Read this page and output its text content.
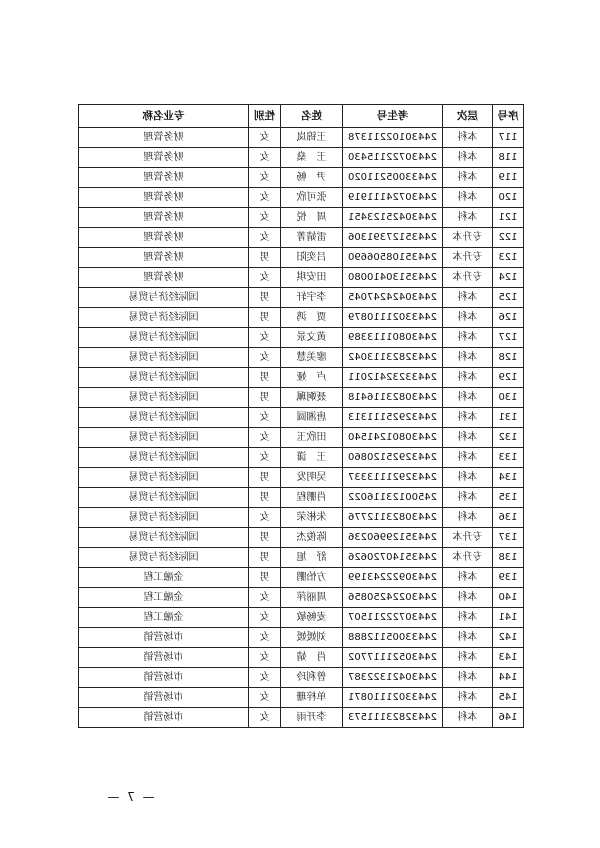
序号	层次	考生号	姓名	性别	专业名称
117	本科	24430102211378	王锦岚	女	财务管理
118	本科	24430722115430	王　燊	女	财务管理
119	本科	24433005211020	尹　畅	女	财务管理
120	本科	24430724111919	张可欣	女	财务管理
121	本科	24430425123451	周　悦	女	财务管理
122	专升本	24435127391306	雷婧菁	女	财务管理
123	专升本	24435108506690	吕奕阳	男	财务管理
124	专升本	24435130410080	田安琪	女	财务管理
125	本科	24430424247045	李宇轩	男	国际经济与贸易
126	本科	24433021110879	贾　鸿	男	国际经济与贸易
127	本科	24430801113389	黄文景	女	国际经济与贸易
128	本科	24432823113042	廖美慧	女	国际经济与贸易
129	本科	24433232412011	卢　娅	男	国际经济与贸易
130	本科	24430823116418	聂婀珮	男	国际经济与贸易
131	本科	24432925111313	唐湘圆	女	国际经济与贸易
132	本科	24430801241540	田欣玉	女	国际经济与贸易
133	本科	24432925120860	王　潇	女	国际经济与贸易
134	本科	24432921113337	吴明发	男	国际经济与贸易
135	本科	24500123116022	肖鹏程	男	国际经济与贸易
136	本科	24430823112776	朱彬荣	女	国际经济与贸易
137	专升本	24435129960236	陈俊杰	男	国际经济与贸易
138	专升本	24435140720626	舒　旭	男	国际经济与贸易
139	本科	24430922243199	方怡鹏	男	金融工程
140	本科	24430224250856	周丽萍	女	金融工程
141	本科	24430722211507	麦畅敏	女	金融工程
142	本科	24433005112888	刘媛媛	女	市场营销
143	本科	24430521117702	肖　婧	女	市场营销
144	本科	24430421322387	曾利玲	女	市场营销
145	本科	24433021110871	单梓珊	女	市场营销
146	本科	24432823111573	李开雨	女	市场营销
— 7 —
